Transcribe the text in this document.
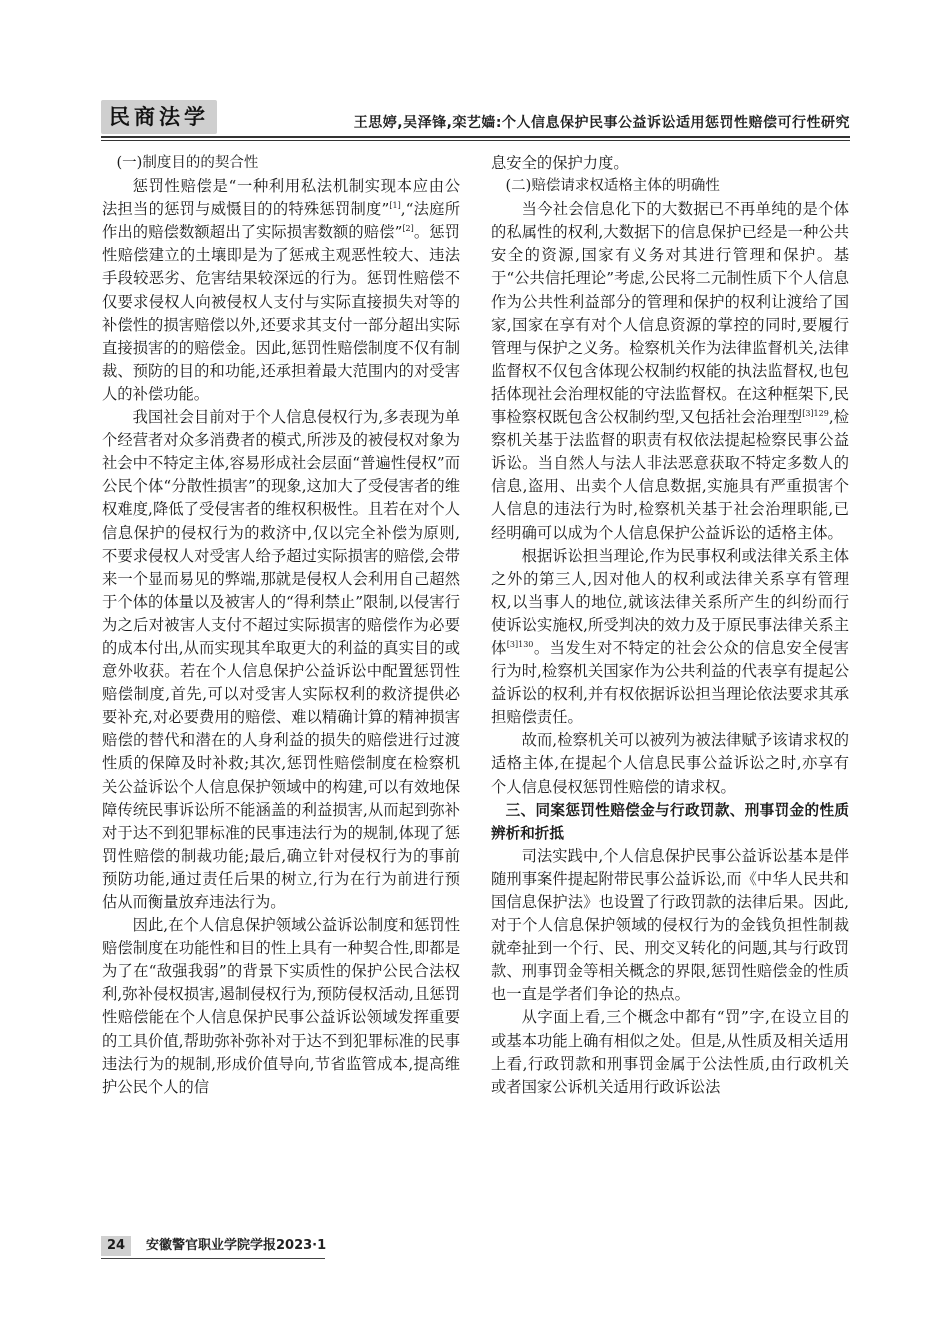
民商法学	王思婷,吴泽锋,栾艺嫱:个人信息保护民事公益诉讼适用惩罚性赔偿可行性研究
(一)制度目的的契合性

惩罚性赔偿是“一种利用私法机制实现本应由公法担当的惩罚与威慑目的的特殊惩罚制度”[1],“法庭所作出的赔偿数额超出了实际损害数额的赔偿”[2]。惩罚性赔偿建立的土壤即是为了惩戒主观恶性较大、违法手段较恶劣、危害结果较深远的行为。惩罚性赔偿不仅要求侵权人向被侵权人支付与实际直接损失对等的补偿性的损害赔偿以外,还要求其支付一部分超出实际直接损害的的赔偿金。因此,惩罚性赔偿制度不仅有制裁、预防的目的和功能,还承担着最大范围内的对受害人的补偿功能。

我国社会目前对于个人信息侵权行为,多表现为单个经营者对众多消费者的模式,所涉及的被侵权对象为社会中不特定主体,容易形成社会层面“普遍性侵权”而公民个体“分散性损害”的现象,这加大了受侵害者的维权难度,降低了受侵害者的维权积极性。且若在对个人信息保护的侵权行为的救济中,仅以完全补偿为原则,不要求侵权人对受害人给予超过实际损害的赔偿,会带来一个显而易见的弊端,那就是侵权人会利用自己超然于个体的体量以及被害人的“得利禁止”限制,以侵害行为之后对被害人支付不超过实际损害的赔偿作为必要的成本付出,从而实现其牟取更大的利益的真实目的或意外收获。若在个人信息保护公益诉讼中配置惩罚性赔偿制度,首先,可以对受害人实际权利的救济提供必要补充,对必要费用的赔偿、难以精确计算的精神损害赔偿的替代和潜在的人身利益的损失的赔偿进行过渡性质的保障及时补救;其次,惩罚性赔偿制度在检察机关公益诉讼个人信息保护领域中的构建,可以有效地保障传统民事诉讼所不能涵盖的利益损害,从而起到弥补对于达不到犯罪标准的民事违法行为的规制,体现了惩罚性赔偿的制裁功能;最后,确立针对侵权行为的事前预防功能,通过责任后果的树立,行为在行为前进行预估从而衡量放弃违法行为。

因此,在个人信息保护领域公益诉讼制度和惩罚性赔偿制度在功能性和目的性上具有一种契合性,即都是为了在“敌强我弱”的背景下实质性的保护公民合法权利,弥补侵权损害,遏制侵权行为,预防侵权活动,且惩罚性赔偿能在个人信息保护民事公益诉讼领域发挥重要的工具价值,帮助弥补弥补对于达不到犯罪标准的民事违法行为的规制,形成价值导向,节省监管成本,提高维护公民个人的信

息安全的保护力度。

(二)赔偿请求权适格主体的明确性

当今社会信息化下的大数据已不再单纯的是个体的私属性的权利,大数据下的信息保护已经是一种公共安全的资源,国家有义务对其进行管理和保护。基于“公共信托理论”考虑,公民将二元制性质下个人信息作为公共性利益部分的管理和保护的权利让渡给了国家,国家在享有对个人信息资源的掌控的同时,要履行管理与保护之义务。检察机关作为法律监督机关,法律监督权不仅包含体现公权制约权能的执法监督权,也包括体现社会治理权能的守法监督权。在这种框架下,民事检察权既包含公权制约型,又包括社会治理型$^{[3]129}$,检察机关基于法监督的职责有权依法提起检察民事公益诉讼。当自然人与法人非法恶意获取不特定多数人的信息,盗用、出卖个人信息数据,实施具有严重损害个人信息的违法行为时,检察机关基于社会治理职能,已经明确可以成为个人信息保护公益诉讼的适格主体。

根据诉讼担当理论,作为民事权利或法律关系主体之外的第三人,因对他人的权利或法律关系享有管理权,以当事人的地位,就该法律关系所产生的纠纷而行使诉讼实施权,所受判决的效力及于原民事法律关系主体$^{[3]130}$。当发生对不特定的社会公众的信息安全侵害行为时,检察机关国家作为公共利益的代表享有提起公益诉讼的权利,并有权依据诉讼担当理论依法要求其承担赔偿责任。

故而,检察机关可以被列为被法律赋予该请求权的适格主体,在提起个人信息民事公益诉讼之时,亦享有个人信息侵权惩罚性赔偿的请求权。

三、同案惩罚性赔偿金与行政罚款、刑事罚金的性质辨析和折抵

司法实践中,个人信息保护民事公益诉讼基本是伴随刑事案件提起附带民事公益诉讼,而《中华人民共和国信息保护法》也设置了行政罚款的法律后果。因此,对于个人信息保护领域的侵权行为的金钱负担性制裁就牵扯到一个行、民、刑交叉转化的问题,其与行政罚款、刑事罚金等相关概念的界限,惩罚性赔偿金的性质也一直是学者们争论的热点。

从字面上看,三个概念中都有“罚”字,在设立目的或基本功能上确有相似之处。但是,从性质及相关适用上看,行政罚款和刑事罚金属于公法性质,由行政机关或者国家公诉机关适用行政诉讼法

24	安徽警官职业学院学报2023·1
